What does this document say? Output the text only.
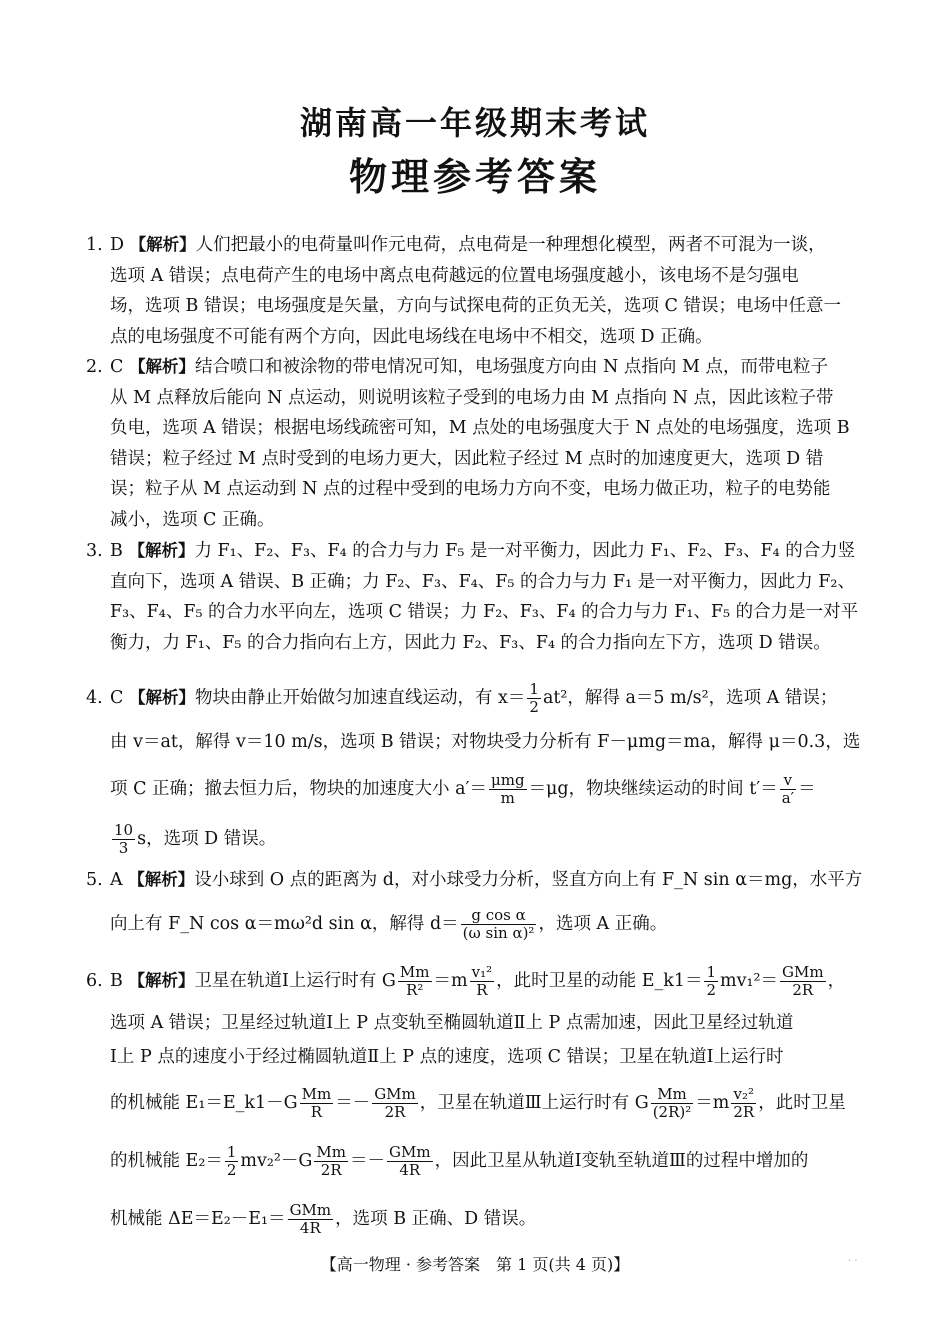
湖南高一年级期末考试
物理参考答案
1. D 【解析】人们把最小的电荷量叫作元电荷，点电荷是一种理想化模型，两者不可混为一谈，
选项 A 错误；点电荷产生的电场中离点电荷越远的位置电场强度越小，该电场不是匀强电
场，选项 B 错误；电场强度是矢量，方向与试探电荷的正负无关，选项 C 错误；电场中任意一
点的电场强度不可能有两个方向，因此电场线在电场中不相交，选项 D 正确。
2. C 【解析】结合喷口和被涂物的带电情况可知，电场强度方向由 N 点指向 M 点，而带电粒子
从 M 点释放后能向 N 点运动，则说明该粒子受到的电场力由 M 点指向 N 点，因此该粒子带
负电，选项 A 错误；根据电场线疏密可知，M 点处的电场强度大于 N 点处的电场强度，选项 B
错误；粒子经过 M 点时受到的电场力更大，因此粒子经过 M 点时的加速度更大，选项 D 错
误；粒子从 M 点运动到 N 点的过程中受到的电场力方向不变，电场力做正功，粒子的电势能
减小，选项 C 正确。
3. B 【解析】力 F₁、F₂、F₃、F₄ 的合力与力 F₅ 是一对平衡力，因此力 F₁、F₂、F₃、F₄ 的合力竖
直向下，选项 A 错误、B 正确；力 F₂、F₃、F₄、F₅ 的合力与力 F₁ 是一对平衡力，因此力 F₂、
F₃、F₄、F₅ 的合力水平向左，选项 C 错误；力 F₂、F₃、F₄ 的合力与力 F₁、F₅ 的合力是一对平
衡力，力 F₁、F₅ 的合力指向右上方，因此力 F₂、F₃、F₄ 的合力指向左下方，选项 D 错误。
4. C 【解析】物块由静止开始做匀加速直线运动，有 $x= \frac{1}{2} at^2$，解得 a＝5 m/s²，选项 A 错误；
由 v＝at，解得 v＝10 m/s，选项 B 错误；对物块受力分析有 F－μmg＝ma，解得 μ＝0.3，选
项 C 正确；撤去恒力后，物块的加速度大小 $a'= \frac{\text{μmg}}{m} =\mu g$，物块继续运动的时间 $t'= \frac{v}{a'}$ ＝
$\frac{10}{3}$ s，选项 D 错误。
5. A 【解析】设小球到 O 点的距离为 d，对小球受力分析，竖直方向上有 F_N sin α＝mg，水平方
向上有 F_N cos α＝mω²d sin α，解得 $d= \frac{\text{g cos α}}{\text{(ω sin α)²}}$ ，选项 A 正确。
6. B 【解析】卫星在轨道Ⅰ上运行时有 G $\frac{Mm}{\text{R²}} =m \frac{\text{v₁²}}{R}$ ，此时卫星的动能 E_k1＝ $\frac{1}{2} mv_1^2= \frac{\text{GMm}}{2R}$ ，
选项 A 错误；卫星经过轨道Ⅰ上 P 点变轨至椭圆轨道Ⅱ上 P 点需加速，因此卫星经过轨道
Ⅰ上 P 点的速度小于经过椭圆轨道Ⅱ上 P 点的速度，选项 C 错误；卫星在轨道Ⅰ上运行时
的机械能 E₁＝E_k1－G $\frac{Mm}{R} =- \frac{\text{GMm}}{2R}$ ，卫星在轨道Ⅲ上运行时有 G $\frac{Mm}{\text{(2R)²}} =m \frac{\text{v₂²}}{2R}$ ，此时卫星
的机械能 $E_2= \frac{1}{2} mv_2^2-G \frac{Mm}{2R} =- \frac{\text{GMm}}{4R}$ ，因此卫星从轨道Ⅰ变轨至轨道Ⅲ的过程中增加的
机械能 $\Delta E=E_2-E_1= \frac{\text{GMm}}{4R}$ ，选项 B 正确、D 错误。
【高一物理 · 参考答案　第 1 页(共 4 页)】	· ·
